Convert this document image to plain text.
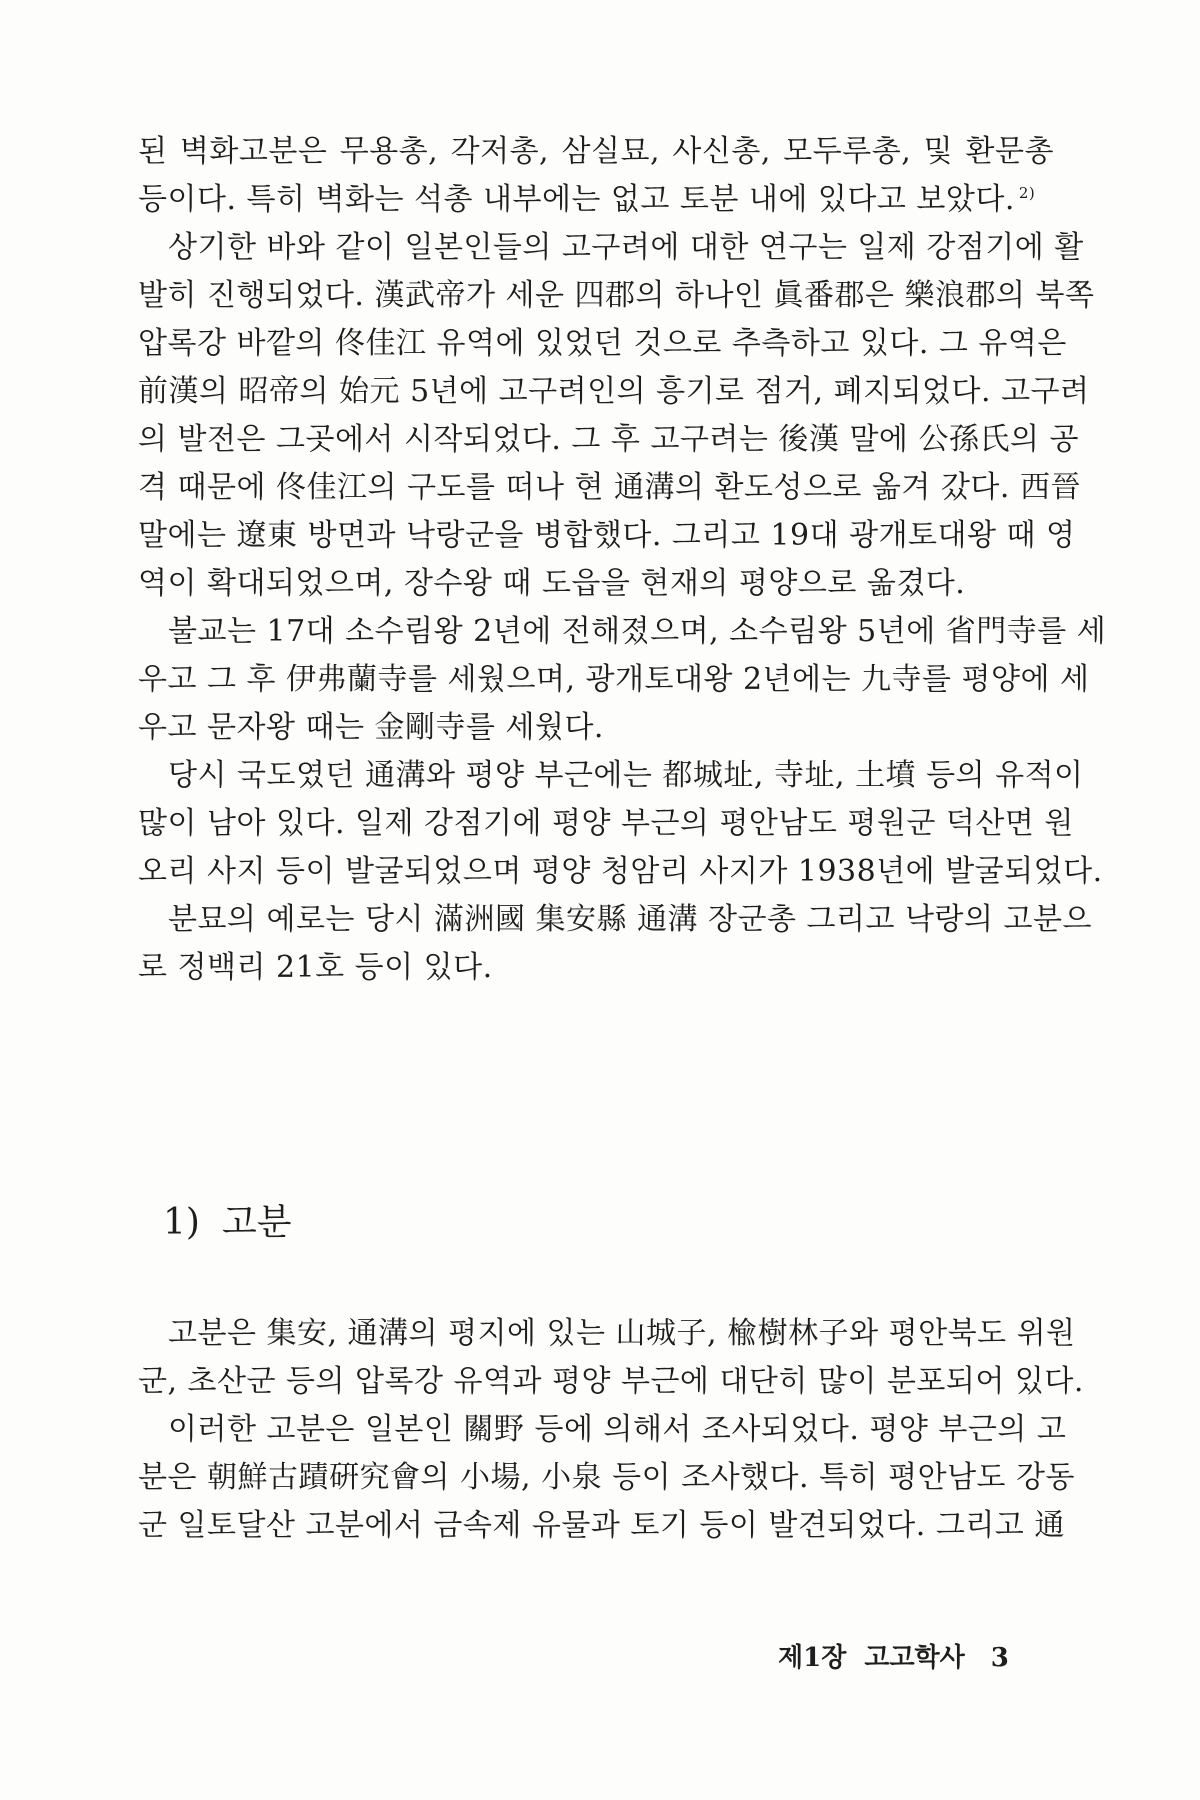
된 벽화고분은 무용총, 각저총, 삼실묘, 사신총, 모두루총, 및 환문총
등이다. 특히 벽화는 석총 내부에는 없고 토분 내에 있다고 보았다. $^{2)}$
상기한 바와 같이 일본인들의 고구려에 대한 연구는 일제 강점기에 활
발히 진행되었다. 漢武帝가 세운 四郡의 하나인 眞番郡은 樂浪郡의 북쪽
압록강 바깥의 佟佳江 유역에 있었던 것으로 추측하고 있다. 그 유역은
前漢의 昭帝의 始元 5년에 고구려인의 흥기로 점거, 폐지되었다. 고구려
의 발전은 그곳에서 시작되었다. 그 후 고구려는 後漢 말에 公孫氏의 공
격 때문에 佟佳江의 구도를 떠나 현 通溝의 환도성으로 옮겨 갔다. 西晉
말에는 遼東 방면과 낙랑군을 병합했다. 그리고 19대 광개토대왕 때 영
역이 확대되었으며, 장수왕 때 도읍을 현재의 평양으로 옮겼다.
불교는 17대 소수림왕 2년에 전해졌으며, 소수림왕 5년에 省門寺를 세
우고 그 후 伊弗蘭寺를 세웠으며, 광개토대왕 2년에는 九寺를 평양에 세
우고 문자왕 때는 金剛寺를 세웠다.
당시 국도였던 通溝와 평양 부근에는 都城址, 寺址, 土墳 등의 유적이
많이 남아 있다. 일제 강점기에 평양 부근의 평안남도 평원군 덕산면 원
오리 사지 등이 발굴되었으며 평양 청암리 사지가 1938년에 발굴되었다.
분묘의 예로는 당시 滿洲國 集安縣 通溝 장군총 그리고 낙랑의 고분으
로 정백리 21호 등이 있다.
1) 고분
고분은 集安, 通溝의 평지에 있는 山城子, 楡樹林子와 평안북도 위원
군, 초산군 등의 압록강 유역과 평양 부근에 대단히 많이 분포되어 있다.
이러한 고분은 일본인 關野 등에 의해서 조사되었다. 평양 부근의 고
분은 朝鮮古蹟硏究會의 小場, 小泉 등이 조사했다. 특히 평안남도 강동
군 일토달산 고분에서 금속제 유물과 토기 등이 발견되었다. 그리고 通
제1장 고고학사 3
